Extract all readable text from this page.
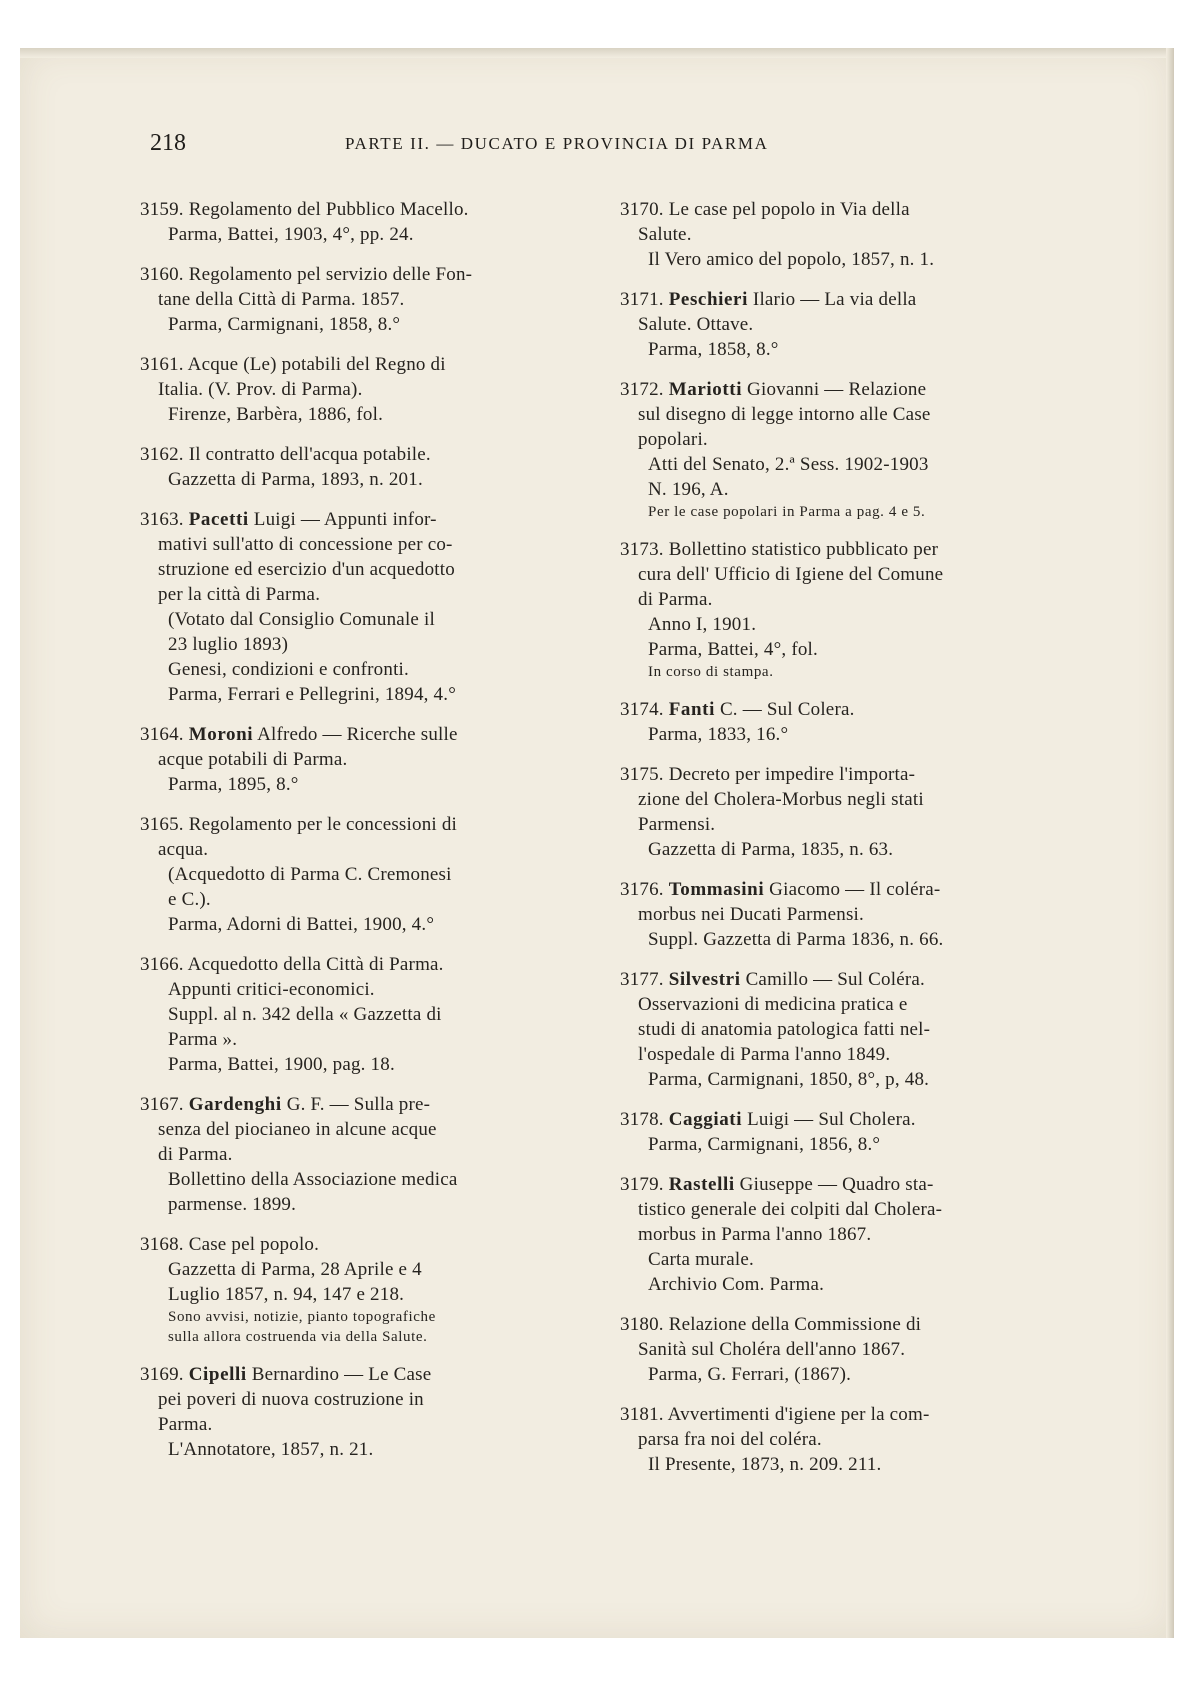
218	PARTE II. — DUCATO E PROVINCIA DI PARMA

3159. Regolamento del Pubblico Macello.

Parma, Battei, 1903, 4°, pp. 24.

3160. Regolamento pel servizio delle Fon-

tane della Città di Parma. 1857.

Parma, Carmignani, 1858, 8.°

3161. Acque (Le) potabili del Regno di

Italia. (V. Prov. di Parma).

Firenze, Barbèra, 1886, fol.

3162. Il contratto dell'acqua potabile.

Gazzetta di Parma, 1893, n. 201.

3163. Pacetti Luigi — Appunti infor-

mativi sull'atto di concessione per co-

struzione ed esercizio d'un acquedotto

per la città di Parma.

(Votato dal Consiglio Comunale il

23 luglio 1893)

Genesi, condizioni e confronti.

Parma, Ferrari e Pellegrini, 1894, 4.°

3164. Moroni Alfredo — Ricerche sulle

acque potabili di Parma.

Parma, 1895, 8.°

3165. Regolamento per le concessioni di

acqua.

(Acquedotto di Parma C. Cremonesi

e C.).

Parma, Adorni di Battei, 1900, 4.°

3166. Acquedotto della Città di Parma.

Appunti critici-economici.

Suppl. al n. 342 della « Gazzetta di

Parma ».

Parma, Battei, 1900, pag. 18.

3167. Gardenghi G. F. — Sulla pre-

senza del piocianeo in alcune acque

di Parma.

Bollettino della Associazione medica

parmense. 1899.

3168. Case pel popolo.

Gazzetta di Parma, 28 Aprile e 4

Luglio 1857, n. 94, 147 e 218.

Sono avvisi, notizie, pianto topografiche

sulla allora costruenda via della Salute.

3169. Cipelli Bernardino — Le Case

pei poveri di nuova costruzione in

Parma.

L'Annotatore, 1857, n. 21.

3170. Le case pel popolo in Via della

Salute.

Il Vero amico del popolo, 1857, n. 1.

3171. Peschieri Ilario — La via della

Salute. Ottave.

Parma, 1858, 8.°

3172. Mariotti Giovanni — Relazione

sul disegno di legge intorno alle Case

popolari.

Atti del Senato, 2.ª Sess. 1902-1903

N. 196, A.

Per le case popolari in Parma a pag. 4 e 5.

3173. Bollettino statistico pubblicato per

cura dell' Ufficio di Igiene del Comune

di Parma.

Anno I, 1901.

Parma, Battei, 4°, fol.

In corso di stampa.

3174. Fanti C. — Sul Colera.

Parma, 1833, 16.°

3175. Decreto per impedire l'importa-

zione del Cholera-Morbus negli stati

Parmensi.

Gazzetta di Parma, 1835, n. 63.

3176. Tommasini Giacomo — Il coléra-

morbus nei Ducati Parmensi.

Suppl. Gazzetta di Parma 1836, n. 66.

3177. Silvestri Camillo — Sul Coléra.

Osservazioni di medicina pratica e

studi di anatomia patologica fatti nel-

l'ospedale di Parma l'anno 1849.

Parma, Carmignani, 1850, 8°, p, 48.

3178. Caggiati Luigi — Sul Cholera.

Parma, Carmignani, 1856, 8.°

3179. Rastelli Giuseppe — Quadro sta-

tistico generale dei colpiti dal Cholera-

morbus in Parma l'anno 1867.

Carta murale.

Archivio Com. Parma.

3180. Relazione della Commissione di

Sanità sul Choléra dell'anno 1867.

Parma, G. Ferrari, (1867).

3181. Avvertimenti d'igiene per la com-

parsa fra noi del coléra.

Il Presente, 1873, n. 209. 211.
